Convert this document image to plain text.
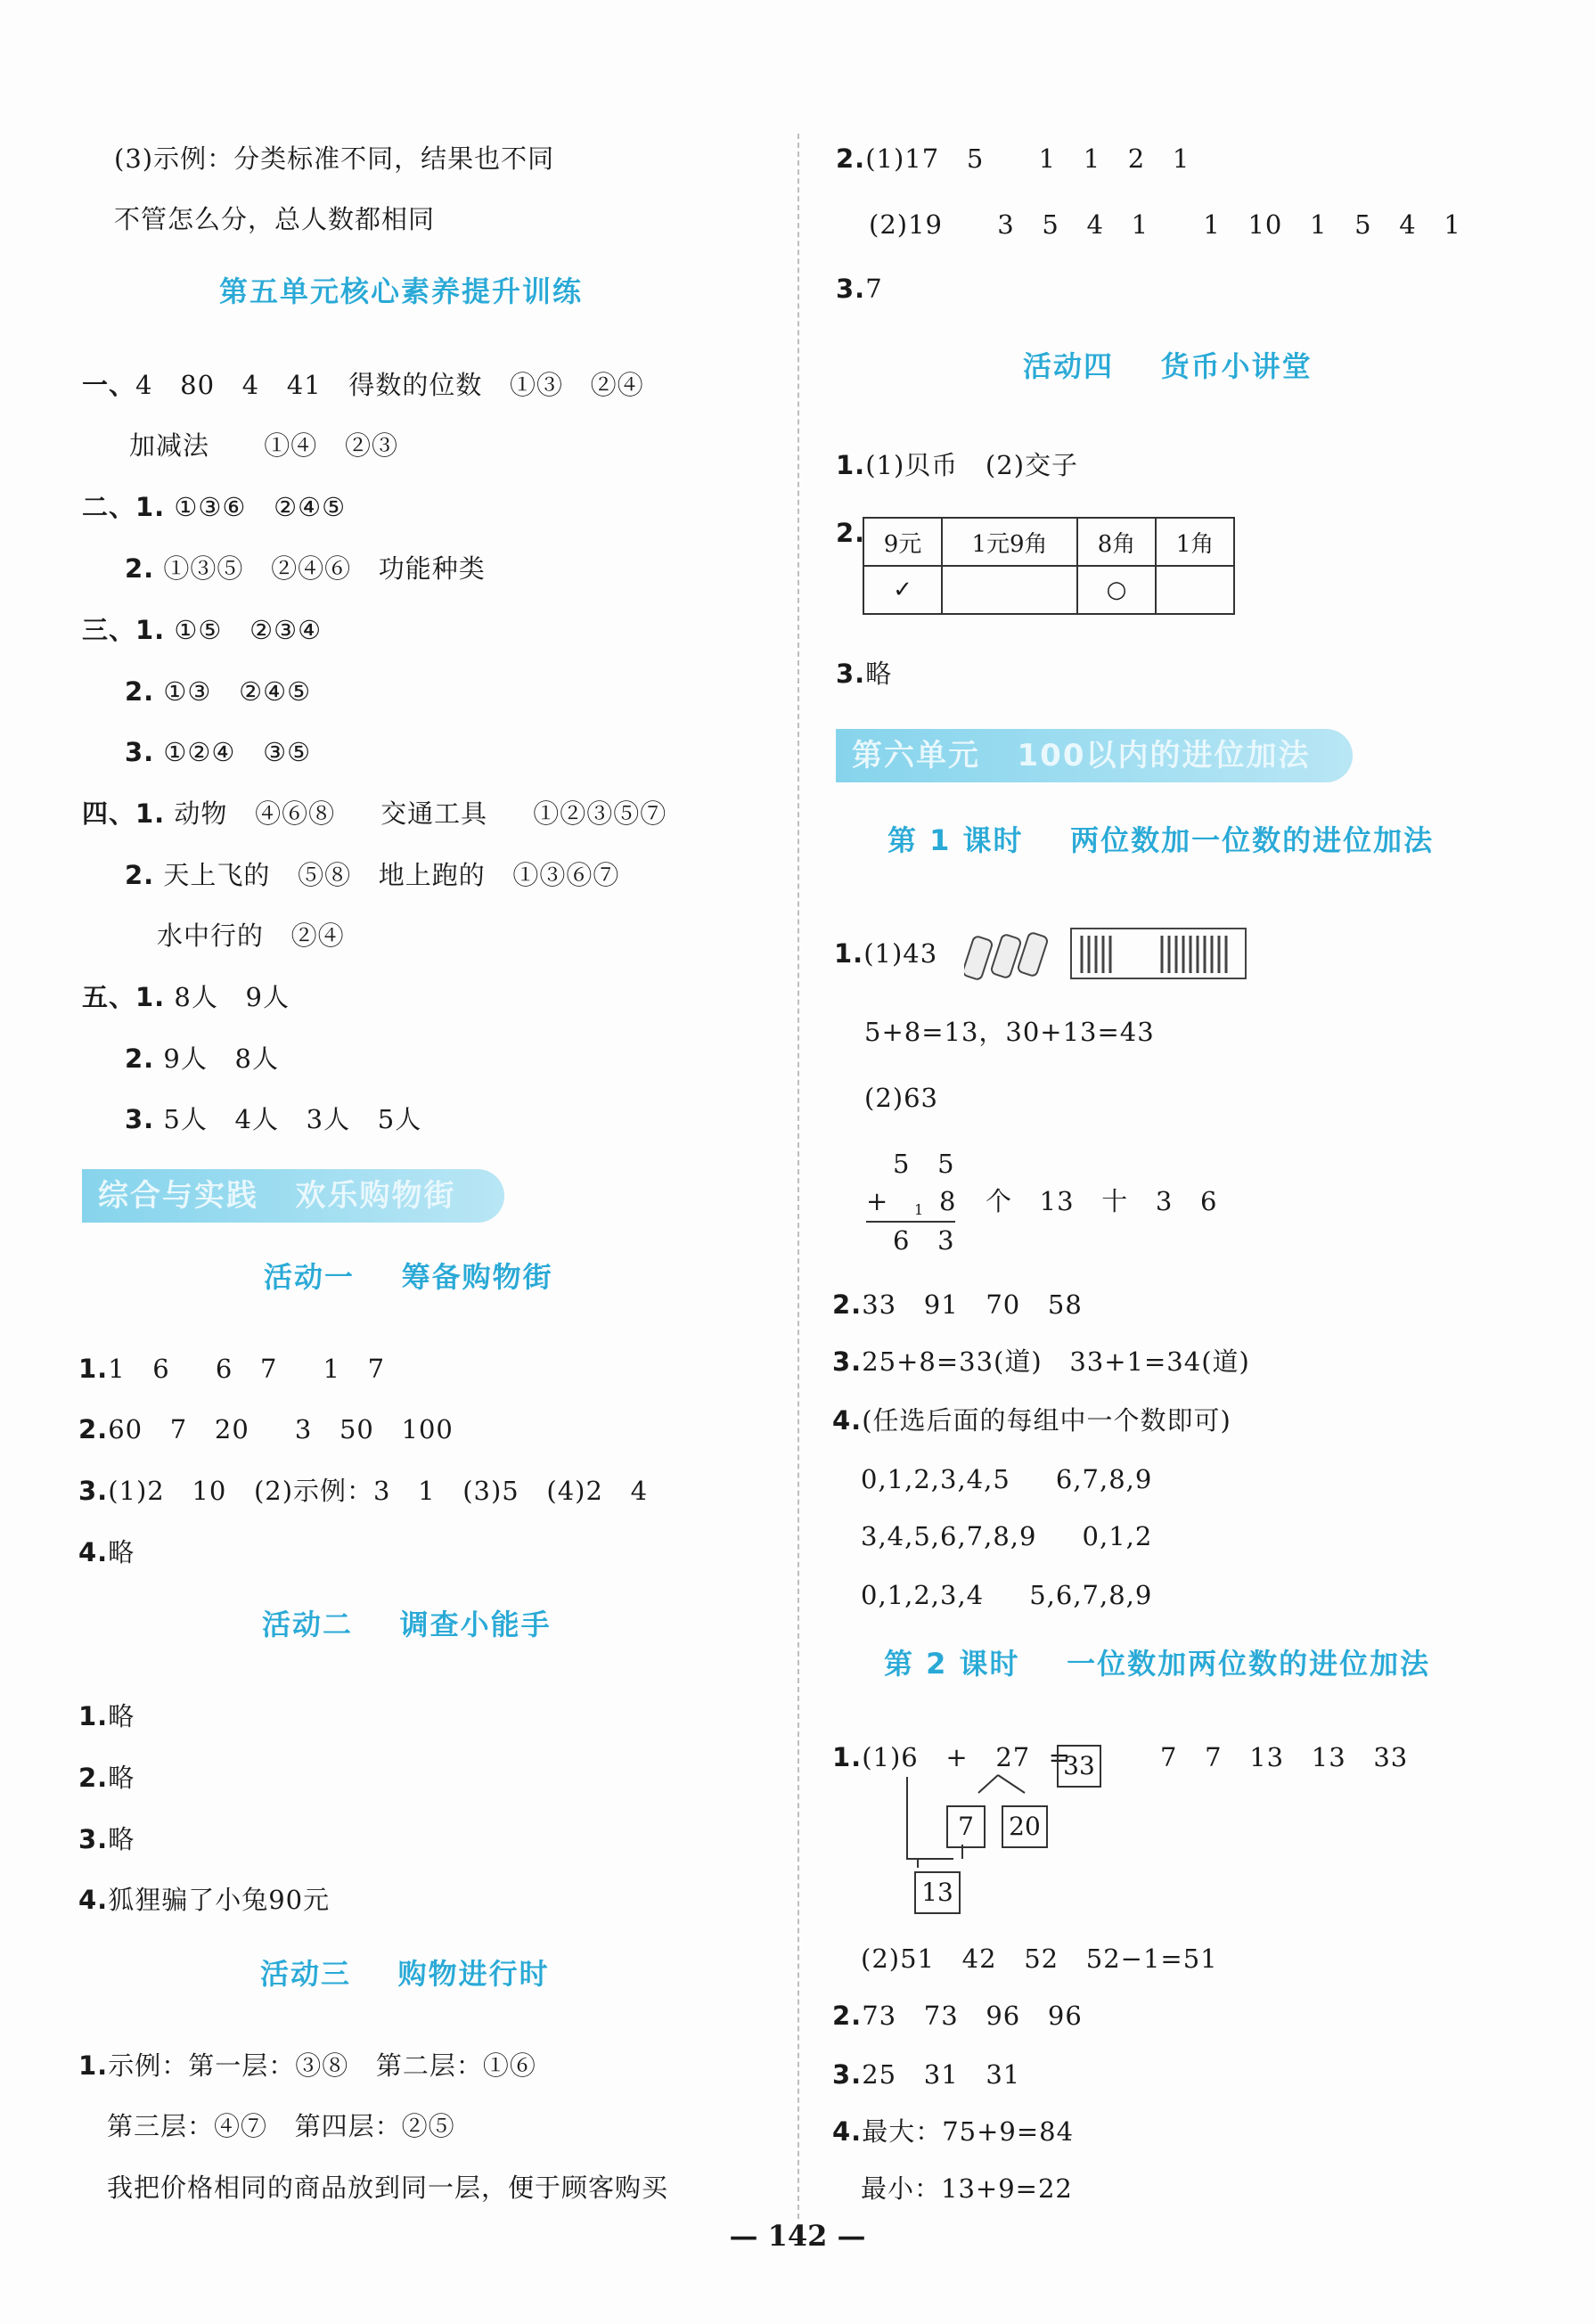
(3)示例：分类标准不同，结果也不同
不管怎么分，总人数都相同
第五单元核心素养提升训练
一、4   80   4   41   得数的位数   ①③   ②④
加减法      ①④   ②③
二、1. ①③⑥   ②④⑤
2. ①③⑤   ②④⑥   功能种类
三、1. ①⑤   ②③④
2. ①③   ②④⑤
3. ①②④   ③⑤
四、1. 动物   ④⑥⑧     交通工具     ①②③⑤⑦
2. 天上飞的   ⑤⑧   地上跑的   ①③⑥⑦
水中行的   ②④
五、1. 8人   9人
2. 9人   8人
3. 5人   4人   3人   5人
综合与实践   欢乐购物街
活动一    筹备购物街
1.1   6     6   7     1   7
2.60   7   20     3   50   100
3.(1)2   10   (2)示例：3   1   (3)5   (4)2   4
4.略
活动二    调查小能手
1.略
2.略
3.略
4.狐狸骗了小兔90元
活动三    购物进行时
1.示例：第一层：③⑧   第二层：①⑥
第三层：④⑦   第四层：②⑤
我把价格相同的商品放到同一层，便于顾客购买
2.(1)17   5      1   1   2   1
(2)19      3   5   4   1      1   10   1   5   4   1
3.7
活动四    货币小讲堂
1.(1)贝币   (2)交子
2. 9元	1元9角	8角	1角
✓		○	
3.略
第六单元   100以内的进位加法
第 1 课时    两位数加一位数的进位加法
1.(1)43
5+8=13，30+13=43
(2)63
5   5
+ 1 8
6   3
个   13   十   3   6
2.33   91   70   58
3.25+8=33(道)   33+1=34(道)
4.(任选后面的每组中一个数即可)
0,1,2,3,4,5     6,7,8,9
3,4,5,6,7,8,9     0,1,2
0,1,2,3,4     5,6,7,8,9
第 2 课时    一位数加两位数的进位加法
1.(1)6   +   27  =
33	7   7   13   13   33
7	20
13
(2)51   42   52   52−1=51
2.73   73   96   96
3.25   31   31
4.最大：75+9=84
最小：13+9=22
— 142 —
